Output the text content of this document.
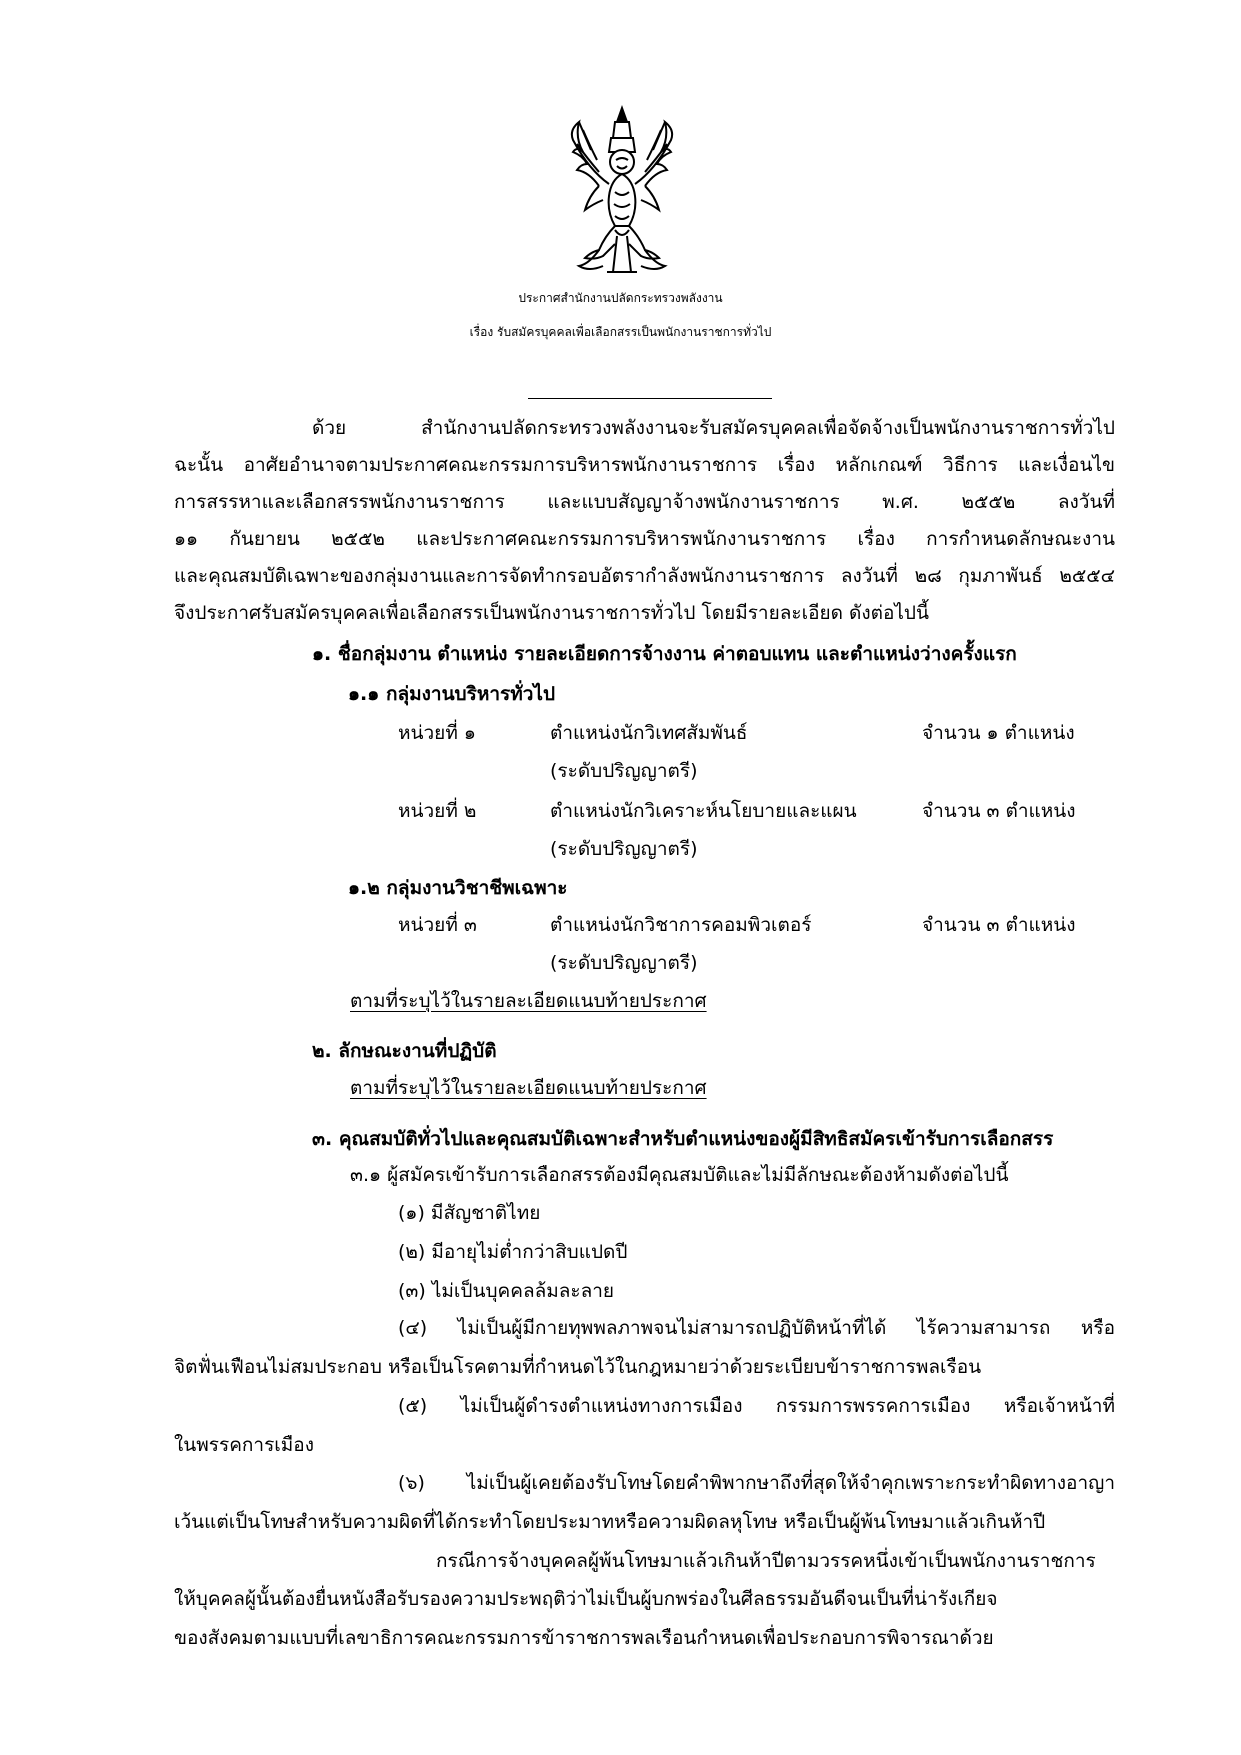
ประกาศสำนักงานปลัดกระทรวงพลังงาน
เรื่อง รับสมัครบุคคลเพื่อเลือกสรรเป็นพนักงานราชการทั่วไป
ด้วย สำนักงานปลัดกระทรวงพลังงานจะรับสมัครบุคคลเพื่อจัดจ้างเป็นพนักงานราชการทั่วไป
ฉะนั้น อาศัยอำนาจตามประกาศคณะกรรมการบริหารพนักงานราชการ เรื่อง หลักเกณฑ์ วิธีการ และเงื่อนไข
การสรรหาและเลือกสรรพนักงานราชการ และแบบสัญญาจ้างพนักงานราชการ พ.ศ. ๒๕๕๒ ลงวันที่
๑๑ กันยายน ๒๕๕๒ และประกาศคณะกรรมการบริหารพนักงานราชการ เรื่อง การกำหนดลักษณะงาน
และคุณสมบัติเฉพาะของกลุ่มงานและการจัดทำกรอบอัตรากำลังพนักงานราชการ ลงวันที่ ๒๘ กุมภาพันธ์ ๒๕๕๔
จึงประกาศรับสมัครบุคคลเพื่อเลือกสรรเป็นพนักงานราชการทั่วไป โดยมีรายละเอียด ดังต่อไปนี้
๑. ชื่อกลุ่มงาน ตำแหน่ง รายละเอียดการจ้างงาน ค่าตอบแทน และตำแหน่งว่างครั้งแรก
๑.๑ กลุ่มงานบริหารทั่วไป
หน่วยที่ ๑	ตำแหน่งนักวิเทศสัมพันธ์	จำนวน ๑ ตำแหน่ง
(ระดับปริญญาตรี)
หน่วยที่ ๒	ตำแหน่งนักวิเคราะห์นโยบายและแผน	จำนวน ๓ ตำแหน่ง
(ระดับปริญญาตรี)
๑.๒ กลุ่มงานวิชาชีพเฉพาะ
หน่วยที่ ๓	ตำแหน่งนักวิชาการคอมพิวเตอร์	จำนวน ๓ ตำแหน่ง
(ระดับปริญญาตรี)
ตามที่ระบุไว้ในรายละเอียดแนบท้ายประกาศ
๒. ลักษณะงานที่ปฏิบัติ
ตามที่ระบุไว้ในรายละเอียดแนบท้ายประกาศ
๓. คุณสมบัติทั่วไปและคุณสมบัติเฉพาะสำหรับตำแหน่งของผู้มีสิทธิสมัครเข้ารับการเลือกสรร
๓.๑ ผู้สมัครเข้ารับการเลือกสรรต้องมีคุณสมบัติและไม่มีลักษณะต้องห้ามดังต่อไปนี้
(๑) มีสัญชาติไทย
(๒) มีอายุไม่ต่ำกว่าสิบแปดปี
(๓) ไม่เป็นบุคคลล้มละลาย
(๔) ไม่เป็นผู้มีกายทุพพลภาพจนไม่สามารถปฏิบัติหน้าที่ได้ ไร้ความสามารถ หรือ
จิตฟั่นเฟือนไม่สมประกอบ หรือเป็นโรคตามที่กำหนดไว้ในกฎหมายว่าด้วยระเบียบข้าราชการพลเรือน
(๕) ไม่เป็นผู้ดำรงตำแหน่งทางการเมือง กรรมการพรรคการเมือง หรือเจ้าหน้าที่
ในพรรคการเมือง
(๖) ไม่เป็นผู้เคยต้องรับโทษโดยคำพิพากษาถึงที่สุดให้จำคุกเพราะกระทำผิดทางอาญา
เว้นแต่เป็นโทษสำหรับความผิดที่ได้กระทำโดยประมาทหรือความผิดลหุโทษ หรือเป็นผู้พ้นโทษมาแล้วเกินห้าปี
กรณีการจ้างบุคคลผู้พ้นโทษมาแล้วเกินห้าปีตามวรรคหนึ่งเข้าเป็นพนักงานราชการ
ให้บุคคลผู้นั้นต้องยื่นหนังสือรับรองความประพฤติว่าไม่เป็นผู้บกพร่องในศีลธรรมอันดีจนเป็นที่น่ารังเกียจ
ของสังคมตามแบบที่เลขาธิการคณะกรรมการข้าราชการพลเรือนกำหนดเพื่อประกอบการพิจารณาด้วย
